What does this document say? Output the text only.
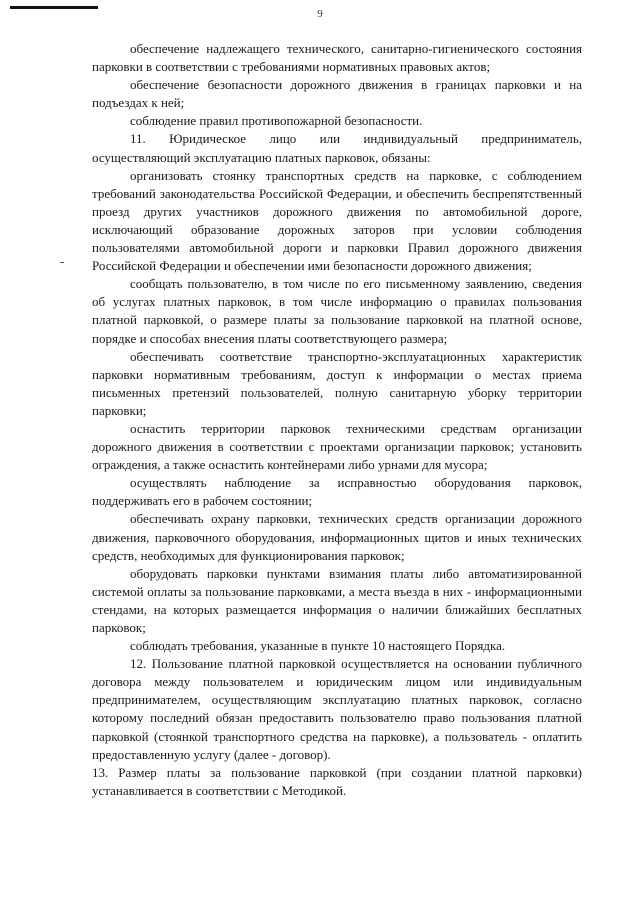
9

обеспечение надлежащего технического, санитарно-гигиенического состояния парковки в соответствии с требованиями нормативных правовых актов;

обеспечение безопасности дорожного движения в границах парковки и на подъездах к ней;

соблюдение правил противопожарной безопасности.

11. Юридическое лицо или индивидуальный предприниматель, осуществляющий эксплуатацию платных парковок, обязаны:

организовать стоянку транспортных средств на парковке, с соблюдением требований законодательства Российской Федерации, и обеспечить беспрепятственный проезд других участников дорожного движения по автомобильной дороге, исключающий образование дорожных заторов при условии соблюдения пользователями автомобильной дороги и парковки Правил дорожного движения Российской Федерации и обеспечении ими безопасности дорожного движения;

сообщать пользователю, в том числе по его письменному заявлению, сведения об услугах платных парковок, в том числе информацию о правилах пользования платной парковкой, о размере платы за пользование парковкой на платной основе, порядке и способах внесения платы соответствующего размера;

обеспечивать соответствие транспортно-эксплуатационных характеристик парковки нормативным требованиям, доступ к информации о местах приема письменных претензий пользователей, полную санитарную уборку территории парковки;

оснастить территории парковок техническими средствам организации дорожного движения в соответствии с проектами организации парковок; установить ограждения, а также оснастить контейнерами либо урнами для мусора;

осуществлять наблюдение за исправностью оборудования парковок, поддерживать его в рабочем состоянии;

обеспечивать охрану парковки, технических средств организации дорожного движения, парковочного оборудования, информационных щитов и иных технических средств, необходимых для функционирования парковок;

оборудовать парковки пунктами взимания платы либо автоматизированной системой оплаты за пользование парковками, а места въезда в них - информационными стендами, на которых размещается информация о наличии ближайших бесплатных парковок;

соблюдать требования, указанные в пункте 10 настоящего Порядка.

12. Пользование платной парковкой осуществляется на основании публичного договора между пользователем и юридическим лицом или индивидуальным предпринимателем, осуществляющим эксплуатацию платных парковок, согласно которому последний обязан предоставить пользователю право пользования платной парковкой (стоянкой транспортного средства на парковке), а пользователь - оплатить предоставленную услугу (далее - договор).

13. Размер платы за пользование парковкой (при создании платной парковки) устанавливается в соответствии с Методикой.
